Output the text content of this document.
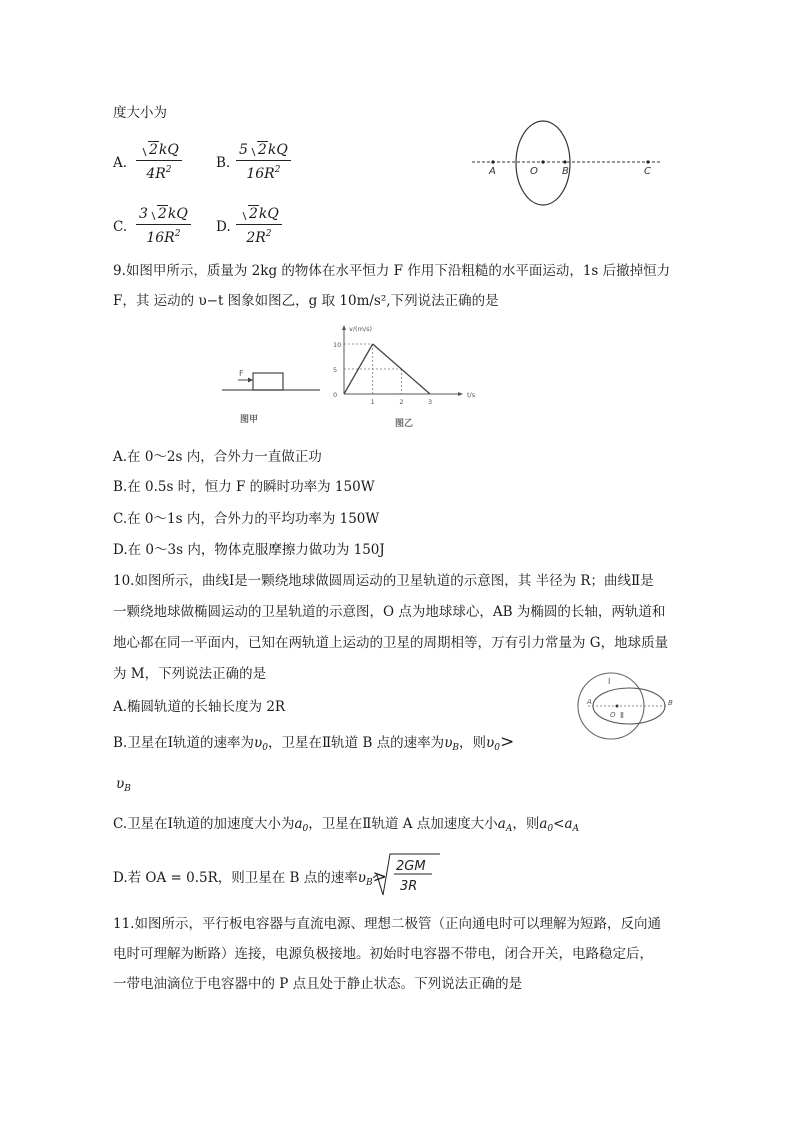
度大小为
A. $\frac{2kQ}{4R^2}$	B. $\frac{5 2kQ}{16R^2}$
C. $\frac{3 2kQ}{16R^2} D$. $\frac{2kQ}{2R^2}$
A	O B	C
9.如图甲所示，质量为 2kg 的物体在水平恒力 F 作用下沿粗糙的水平面运动，1s 后撤掉恒力
F，其 运动的 υ−t 图象如图乙，g 取 10m/s²,下列说法正确的是
F
图甲
v/(m/s)
t/s
10
5
0
1	2	3
图乙
A.在 0～2s 内，合外力一直做正功
B.在 0.5s 时，恒力 F 的瞬时功率为 150W
C.在 0～1s 内，合外力的平均功率为 150W
D.在 0～3s 内，物体克服摩擦力做功为 150J
10.如图所示，曲线Ⅰ是一颗绕地球做圆周运动的卫星轨道的示意图，其 半径为 R；曲线Ⅱ是
一颗绕地球做椭圆运动的卫星轨道的示意图，O 点为地球球心，AB 为椭圆的长轴，两轨道和
地心都在同一平面内，已知在两轨道上运动的卫星的周期相等，万有引力常量为 G，地球质量
为 M，下列说法正确的是
A.椭圆轨道的长轴长度为 2R
B.卫星在Ⅰ轨道的速率为$\upsilon_0$，卫星在Ⅱ轨道 B 点的速率为$\upsilon_B$，则$\upsilon_0>$
$\upsilon_B$
C.卫星在Ⅰ轨道的加速度大小为$a_0$，卫星在Ⅱ轨道 A 点加速度大小$a_A$，则$a_0<a_A$
D.若 OA = 0.5R，则卫星在 B 点的速率$\upsilon_B>$
2GM
3R
Ⅰ
A
O Ⅱ
B
11.如图所示，平行板电容器与直流电源、理想二极管（正向通电时可以理解为短路，反向通
电时可理解为断路）连接，电源负极接地。初始时电容器不带电，闭合开关，电路稳定后，
一带电油滴位于电容器中的 P 点且处于静止状态。下列说法正确的是
